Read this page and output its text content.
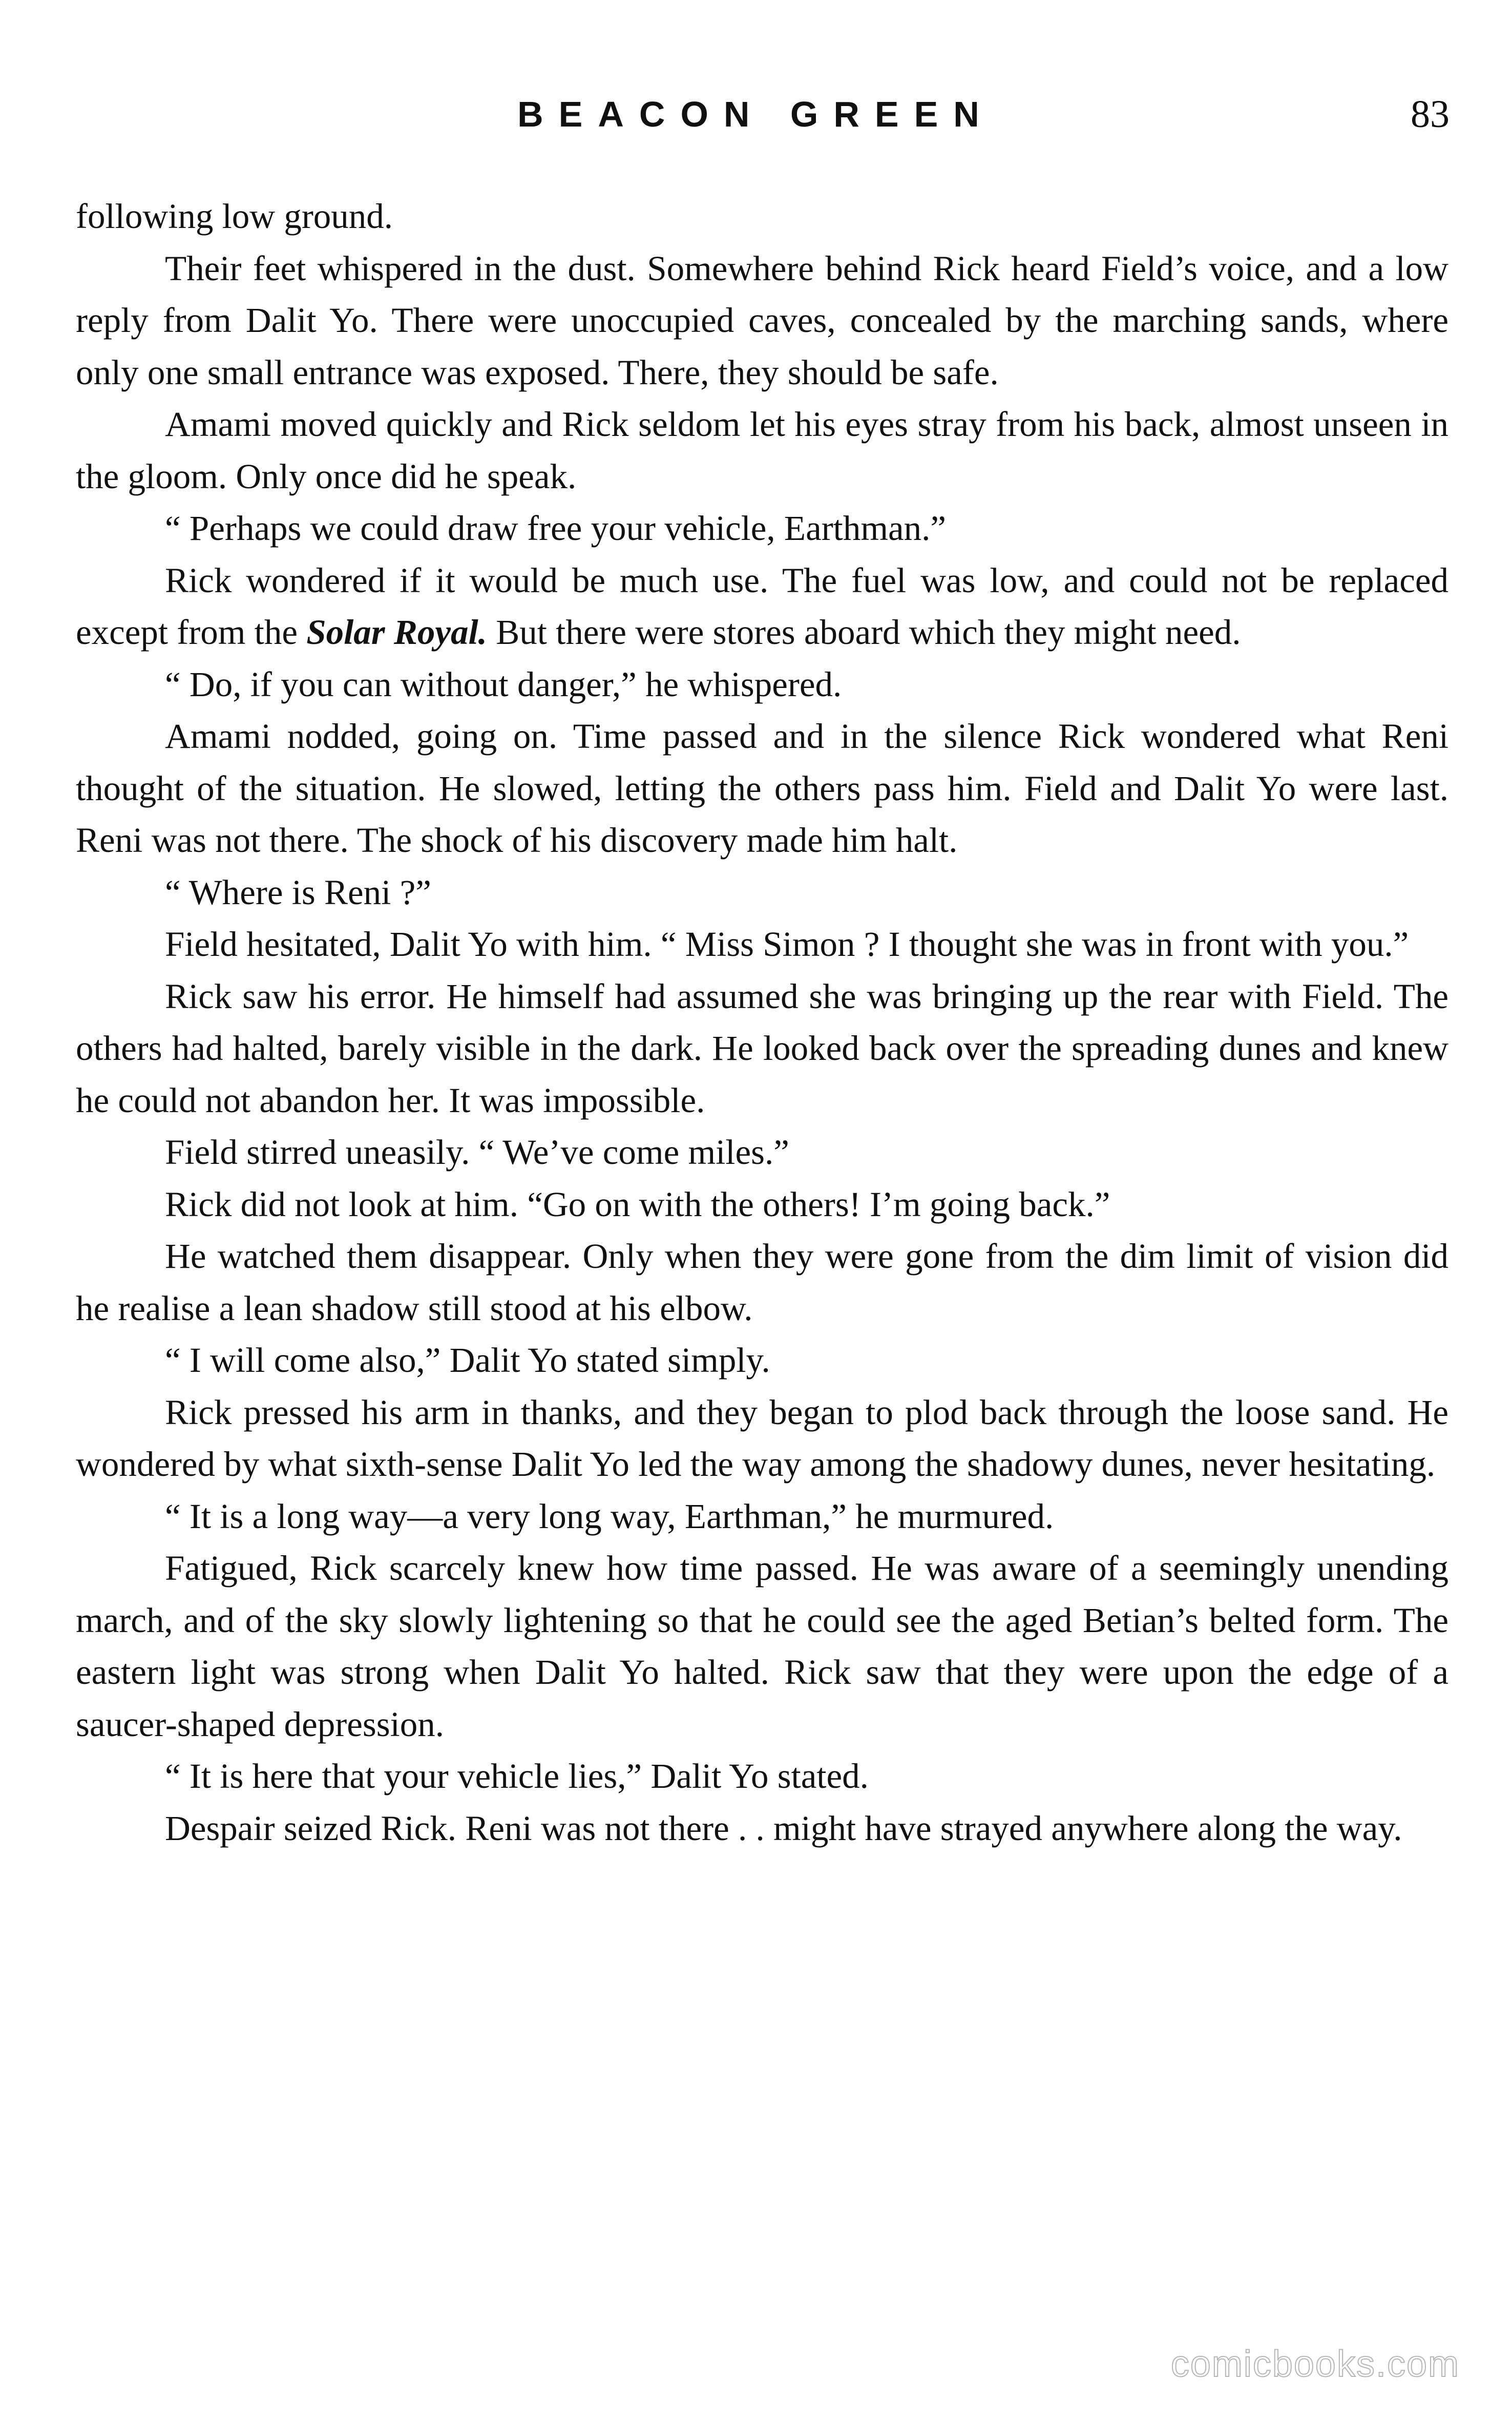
BEACON GREEN	83

following low ground.

Their feet whispered in the dust. Somewhere behind Rick heard Field’s voice, and a low reply from Dalit Yo. There were unoccupied caves, concealed by the marching sands, where only one small entrance was exposed. There, they should be safe.

Amami moved quickly and Rick seldom let his eyes stray from his back, almost unseen in the gloom. Only once did he speak.

“ Perhaps we could draw free your vehicle, Earthman.”

Rick wondered if it would be much use. The fuel was low, and could not be replaced except from the Solar Royal. But there were stores aboard which they might need.

“ Do, if you can without danger,” he whispered.

Amami nodded, going on. Time passed and in the silence Rick wondered what Reni thought of the situation. He slowed, letting the others pass him. Field and Dalit Yo were last. Reni was not there. The shock of his discovery made him halt.

“ Where is Reni ?”

Field hesitated, Dalit Yo with him. “ Miss Simon ? I thought she was in front with you.”

Rick saw his error. He himself had assumed she was bringing up the rear with Field. The others had halted, barely visible in the dark. He looked back over the spreading dunes and knew he could not abandon her. It was impossible.

Field stirred uneasily. “ We’ve come miles.”

Rick did not look at him. “Go on with the others! I’m going back.”

He watched them disappear. Only when they were gone from the dim limit of vision did he realise a lean shadow still stood at his elbow.

“ I will come also,” Dalit Yo stated simply.

Rick pressed his arm in thanks, and they began to plod back through the loose sand. He wondered by what sixth-sense Dalit Yo led the way among the shadowy dunes, never hesitating.

“ It is a long way—a very long way, Earthman,” he murmured.

Fatigued, Rick scarcely knew how time passed. He was aware of a seemingly unending march, and of the sky slowly lightening so that he could see the aged Betian’s belted form. The eastern light was strong when Dalit Yo halted. Rick saw that they were upon the edge of a saucer-shaped depression.

“ It is here that your vehicle lies,” Dalit Yo stated.

Despair seized Rick. Reni was not there . . might have strayed anywhere along the way.

comicbooks.com
